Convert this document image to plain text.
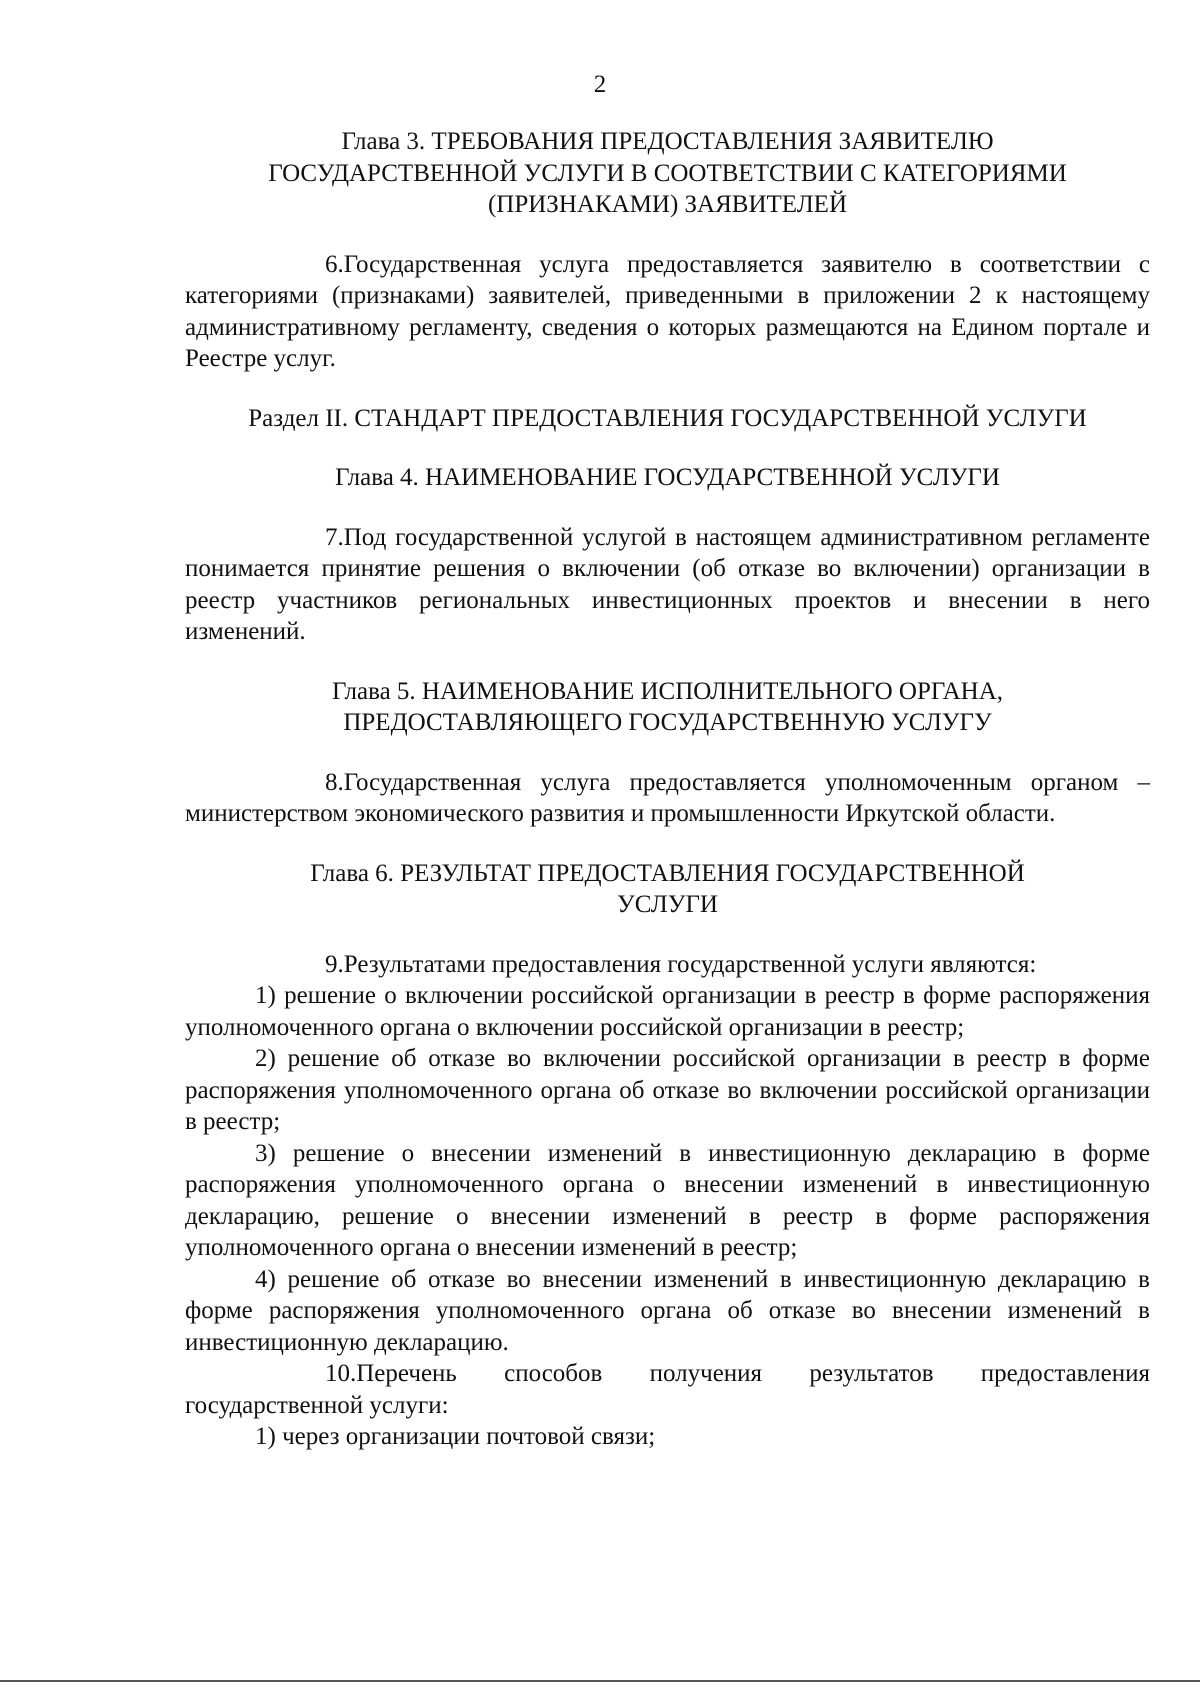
2
Глава 3. ТРЕБОВАНИЯ ПРЕДОСТАВЛЕНИЯ ЗАЯВИТЕЛЮ
ГОСУДАРСТВЕННОЙ УСЛУГИ В СООТВЕТСТВИИ С КАТЕГОРИЯМИ
(ПРИЗНАКАМИ) ЗАЯВИТЕЛЕЙ

6.Государственная услуга предоставляется заявителю в соответствии с категориями (признаками) заявителей, приведенными в приложении 2 к настоящему административному регламенту, сведения о которых размещаются на Едином портале и Реестре услуг.

Раздел II. СТАНДАРТ ПРЕДОСТАВЛЕНИЯ ГОСУДАРСТВЕННОЙ УСЛУГИ
Глава 4. НАИМЕНОВАНИЕ ГОСУДАРСТВЕННОЙ УСЛУГИ

7.Под государственной услугой в настоящем административном регламенте понимается принятие решения о включении (об отказе во включении) организации в реестр участников региональных инвестиционных проектов и внесении в него изменений.

Глава 5. НАИМЕНОВАНИЕ ИСПОЛНИТЕЛЬНОГО ОРГАНА,
ПРЕДОСТАВЛЯЮЩЕГО ГОСУДАРСТВЕННУЮ УСЛУГУ

8.Государственная услуга предоставляется уполномоченным органом – министерством экономического развития и промышленности Иркутской области.

Глава 6. РЕЗУЛЬТАТ ПРЕДОСТАВЛЕНИЯ ГОСУДАРСТВЕННОЙ
УСЛУГИ

9.Результатами предоставления государственной услуги являются:

1) решение о включении российской организации в реестр в форме распоряжения уполномоченного органа о включении российской организации в реестр;

2) решение об отказе во включении российской организации в реестр в форме распоряжения уполномоченного органа об отказе во включении российской организации в реестр;

3) решение о внесении изменений в инвестиционную декларацию в форме распоряжения уполномоченного органа о внесении изменений в инвестиционную декларацию, решение о внесении изменений в реестр в форме распоряжения уполномоченного органа о внесении изменений в реестр;

4) решение об отказе во внесении изменений в инвестиционную декларацию в форме распоряжения уполномоченного органа об отказе во внесении изменений в инвестиционную декларацию.

10.Перечень способов получения результатов предоставления государственной услуги:

1) через организации почтовой связи;
